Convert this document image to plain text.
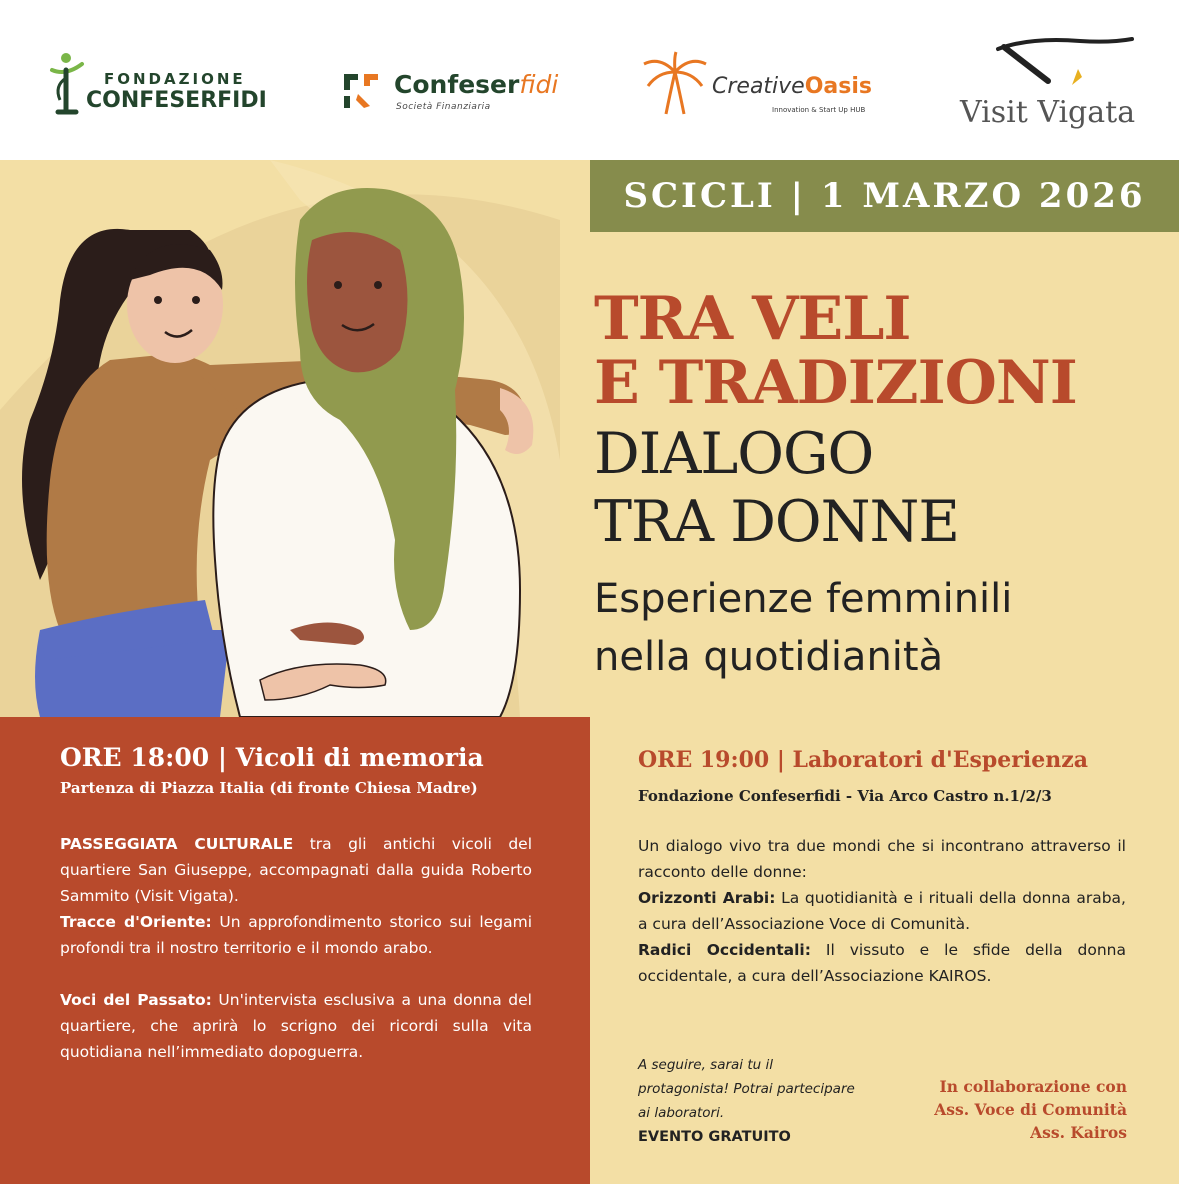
FONDAZIONE
CONFESERFIDI
Confeserfidi
Società Finanziaria
CreativeOasis
Innovation & Start Up HUB	Visit Vigata
SCICLI | 1 MARZO 2026
TRA VELI
E TRADIZIONI
DIALOGO
TRA DONNE
Esperienze femminili
nella quotidianità
ORE 18:00 | Vicoli di memoria
Partenza di Piazza Italia (di fronte Chiesa Madre)

PASSEGGIATA CULTURALE tra gli antichi vicoli del quartiere San Giuseppe, accompagnati dalla guida Roberto Sammito (Visit Vigata).

Tracce d'Oriente: Un approfondimento storico sui legami profondi tra il nostro territorio e il mondo arabo.

Voci del Passato: Un'intervista esclusiva a una donna del quartiere, che aprirà lo scrigno dei ricordi sulla vita quotidiana nell’immediato dopoguerra.

ORE 19:00 | Laboratori d'Esperienza
Fondazione Confeserfidi - Via Arco Castro n.1/2/3

Un dialogo vivo tra due mondi che si incontrano attraverso il racconto delle donne:

Orizzonti Arabi: La quotidianità e i rituali della donna araba, a cura dell’Associazione Voce di Comunità.

Radici Occidentali: Il vissuto e le sfide della donna occidentale, a cura dell’Associazione KAIROS.

A seguire, sarai tu il protagonista! Potrai partecipare ai laboratori.
EVENTO GRATUITO
In collaborazione con
Ass. Voce di Comunità
Ass. Kairos
